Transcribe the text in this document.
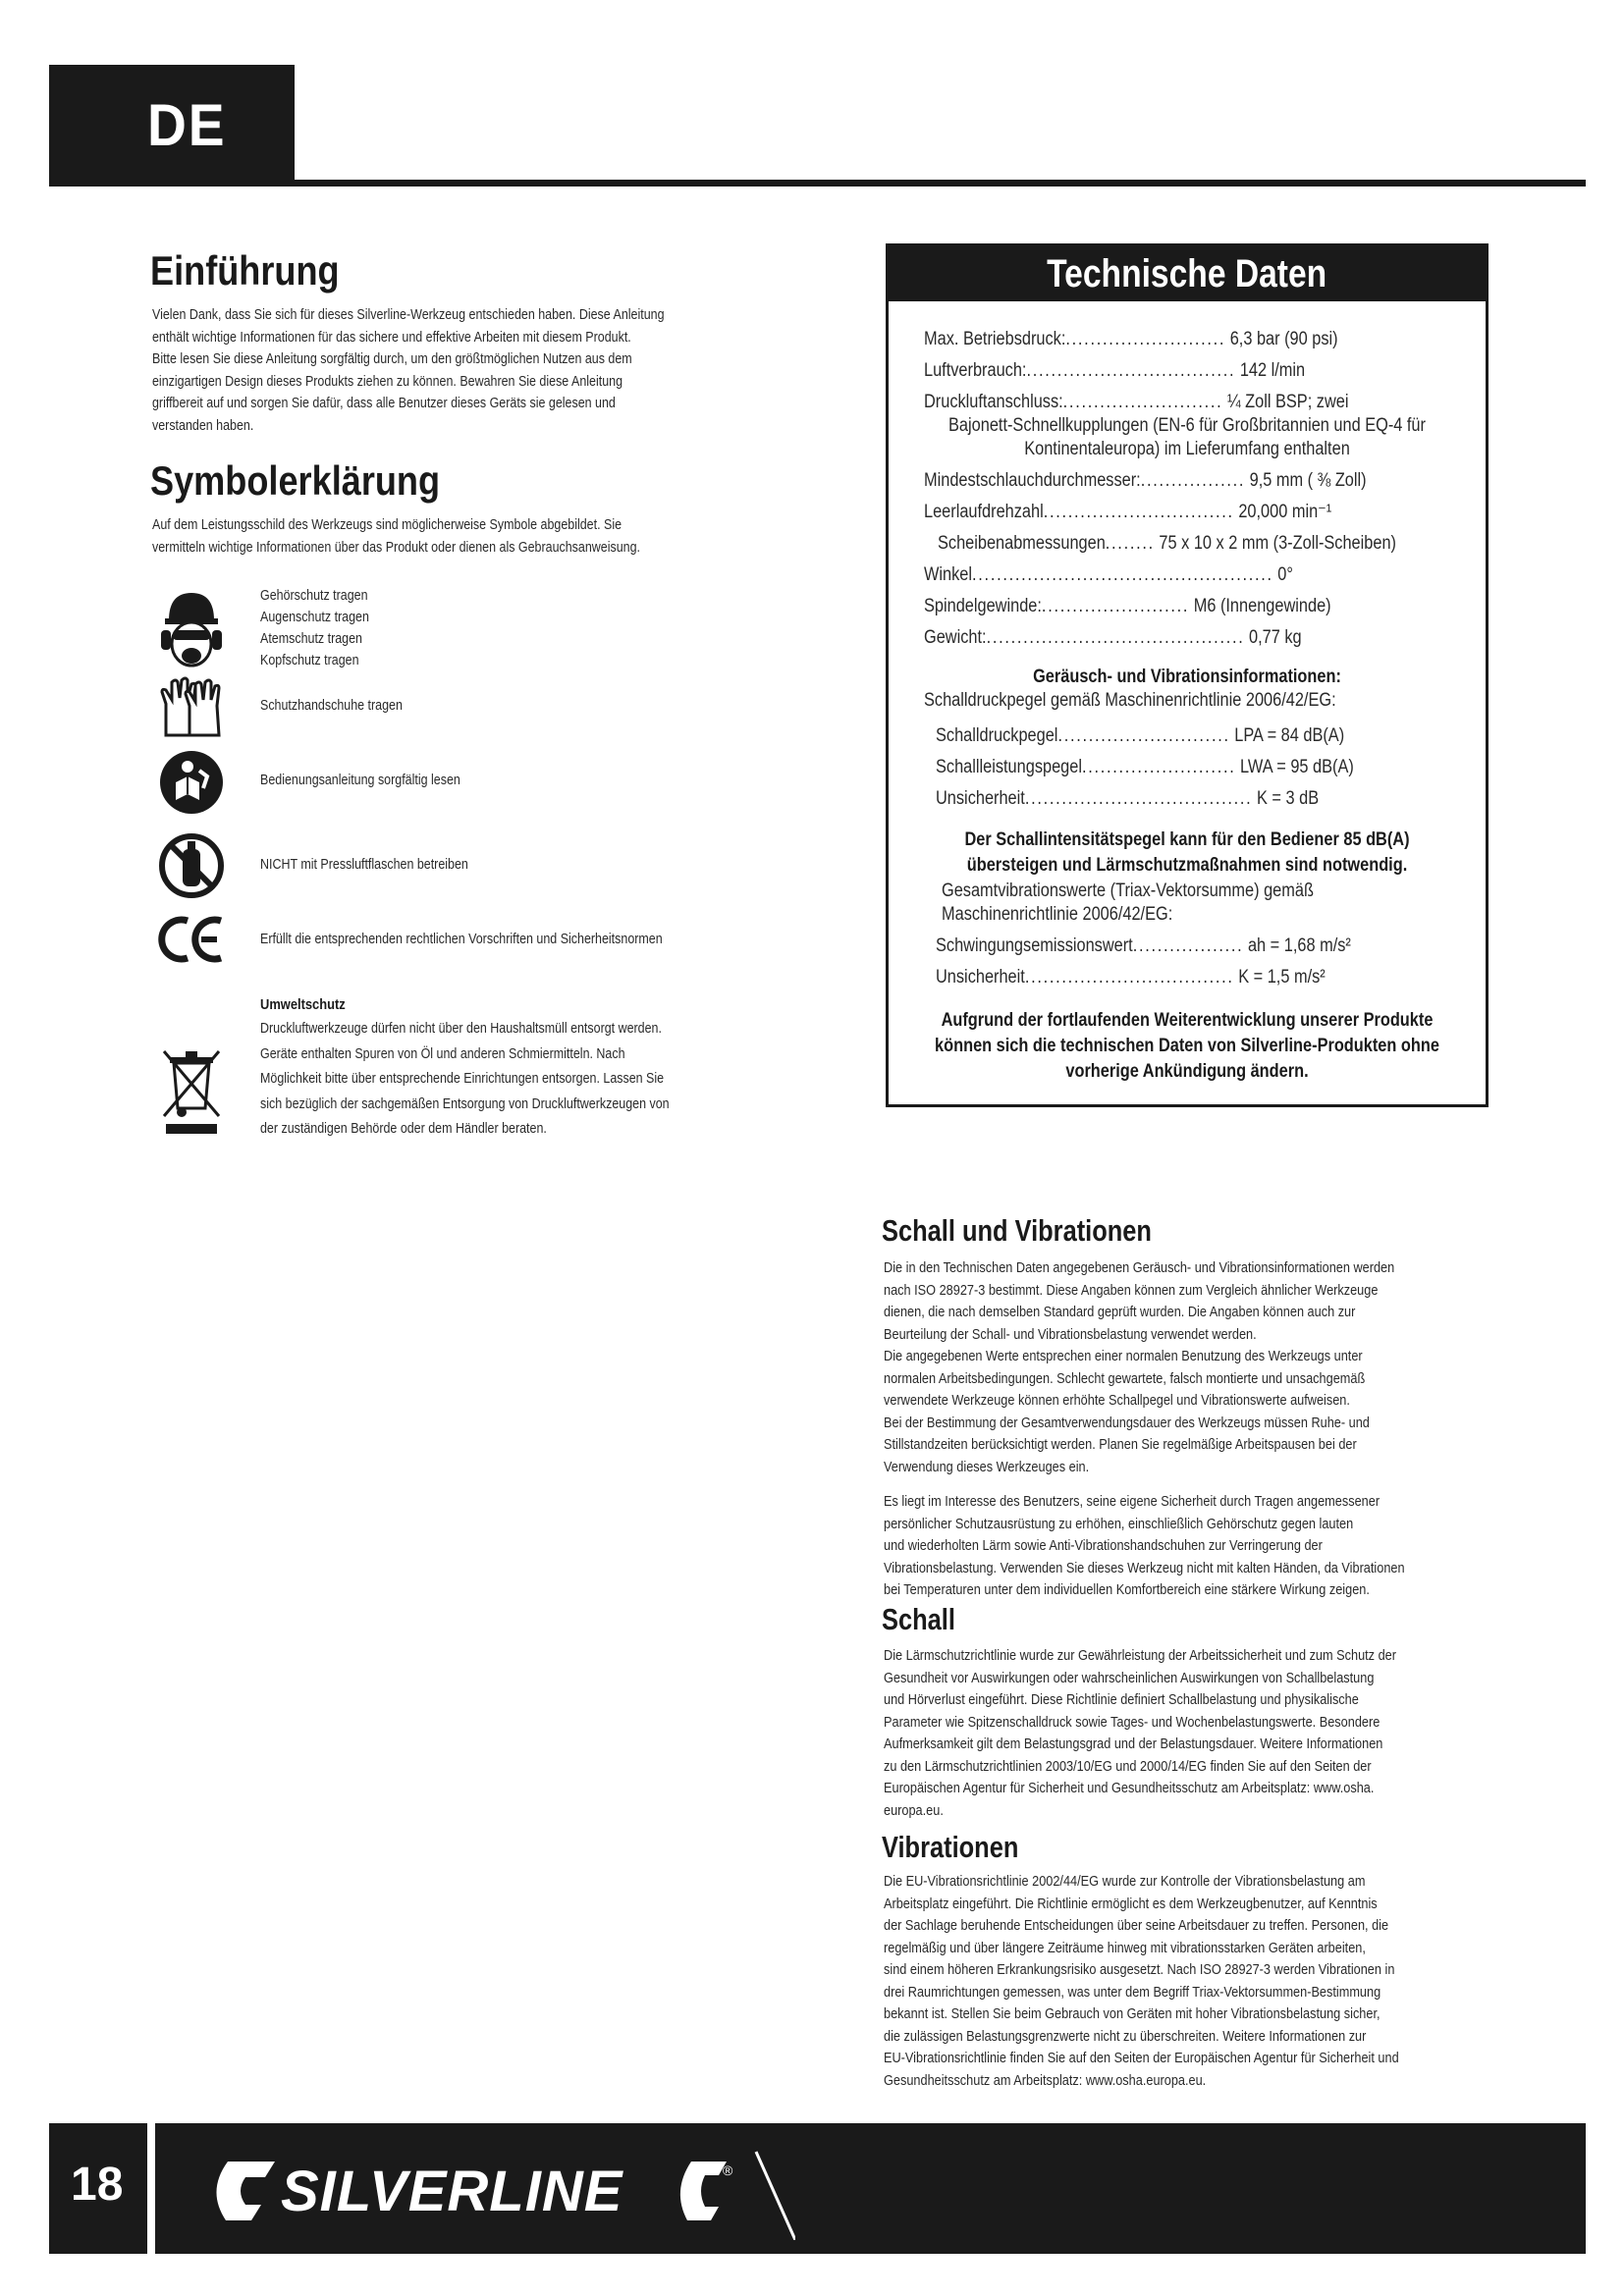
DE
Einführung
Vielen Dank, dass Sie sich für dieses Silverline-Werkzeug entschieden haben. Diese Anleitung
enthält wichtige Informationen für das sichere und effektive Arbeiten mit diesem Produkt.
Bitte lesen Sie diese Anleitung sorgfältig durch, um den größtmöglichen Nutzen aus dem
einzigartigen Design dieses Produkts ziehen zu können. Bewahren Sie diese Anleitung
griffbereit auf und sorgen Sie dafür, dass alle Benutzer dieses Geräts sie gelesen und
verstanden haben.
Symbolerklärung
Auf dem Leistungsschild des Werkzeugs sind möglicherweise Symbole abgebildet. Sie
vermitteln wichtige Informationen über das Produkt oder dienen als Gebrauchsanweisung.
Gehörschutz tragen
Augenschutz tragen
Atemschutz tragen
Kopfschutz tragen
Schutzhandschuhe tragen
Bedienungsanleitung sorgfältig lesen
NICHT mit Pressluftflaschen betreiben
Erfüllt die entsprechenden rechtlichen Vorschriften und Sicherheitsnormen
Umweltschutz
Druckluftwerkzeuge dürfen nicht über den Haushaltsmüll entsorgt werden.
Geräte enthalten Spuren von Öl und anderen Schmiermitteln. Nach
Möglichkeit bitte über entsprechende Einrichtungen entsorgen. Lassen Sie
sich bezüglich der sachgemäßen Entsorgung von Druckluftwerkzeugen von
der zuständigen Behörde oder dem Händler beraten.
Technische Daten
Max. Betriebsdruck:.......................... 6,3 bar (90 psi)
Luftverbrauch:.................................. 142 l/min
Druckluftanschluss:.......................... ¼ Zoll BSP; zwei
Bajonett-Schnellkupplungen (EN-6 für Großbritannien und EQ-4 für
Kontinentaleuropa) im Lieferumfang enthalten
Mindestschlauchdurchmesser:................. 9,5 mm ( ⅜ Zoll)
Leerlaufdrehzahl............................... 20,000 min⁻¹
Scheibenabmessungen........ 75 x 10 x 2 mm (3-Zoll-Scheiben)
Winkel................................................. 0°
Spindelgewinde:........................ M6 (Innengewinde)
Gewicht:.......................................... 0,77 kg
Geräusch- und Vibrationsinformationen:
Schalldruckpegel gemäß Maschinenrichtlinie 2006/42/EG:
Schalldruckpegel............................ LPA = 84 dB(A)
Schallleistungspegel......................... LWA = 95 dB(A)
Unsicherheit..................................... K = 3 dB
Der Schallintensitätspegel kann für den Bediener 85 dB(A)
übersteigen und Lärmschutzmaßnahmen sind notwendig.
Gesamtvibrationswerte (Triax-Vektorsumme) gemäß
Maschinenrichtlinie 2006/42/EG:
Schwingungsemissionswert.................. ah = 1,68 m/s²
Unsicherheit.................................. K = 1,5 m/s²
Aufgrund der fortlaufenden Weiterentwicklung unserer Produkte
können sich die technischen Daten von Silverline-Produkten ohne
vorherige Ankündigung ändern.
Schall und Vibrationen
Die in den Technischen Daten angegebenen Geräusch- und Vibrationsinformationen werden
nach ISO 28927-3 bestimmt. Diese Angaben können zum Vergleich ähnlicher Werkzeuge
dienen, die nach demselben Standard geprüft wurden. Die Angaben können auch zur
Beurteilung der Schall- und Vibrationsbelastung verwendet werden.
Die angegebenen Werte entsprechen einer normalen Benutzung des Werkzeugs unter
normalen Arbeitsbedingungen. Schlecht gewartete, falsch montierte und unsachgemäß
verwendete Werkzeuge können erhöhte Schallpegel und Vibrationswerte aufweisen.
Bei der Bestimmung der Gesamtverwendungsdauer des Werkzeugs müssen Ruhe- und
Stillstandzeiten berücksichtigt werden. Planen Sie regelmäßige Arbeitspausen bei der
Verwendung dieses Werkzeuges ein.
Es liegt im Interesse des Benutzers, seine eigene Sicherheit durch Tragen angemessener
persönlicher Schutzausrüstung zu erhöhen, einschließlich Gehörschutz gegen lauten
und wiederholten Lärm sowie Anti-Vibrationshandschuhen zur Verringerung der
Vibrationsbelastung. Verwenden Sie dieses Werkzeug nicht mit kalten Händen, da Vibrationen
bei Temperaturen unter dem individuellen Komfortbereich eine stärkere Wirkung zeigen.
Schall
Die Lärmschutzrichtlinie wurde zur Gewährleistung der Arbeitssicherheit und zum Schutz der
Gesundheit vor Auswirkungen oder wahrscheinlichen Auswirkungen von Schallbelastung
und Hörverlust eingeführt. Diese Richtlinie definiert Schallbelastung und physikalische
Parameter wie Spitzenschalldruck sowie Tages- und Wochenbelastungswerte. Besondere
Aufmerksamkeit gilt dem Belastungsgrad und der Belastungsdauer. Weitere Informationen
zu den Lärmschutzrichtlinien 2003/10/EG und 2000/14/EG finden Sie auf den Seiten der
Europäischen Agentur für Sicherheit und Gesundheitsschutz am Arbeitsplatz: www.osha.
europa.eu.
Vibrationen
Die EU-Vibrationsrichtlinie 2002/44/EG wurde zur Kontrolle der Vibrationsbelastung am
Arbeitsplatz eingeführt. Die Richtlinie ermöglicht es dem Werkzeugbenutzer, auf Kenntnis
der Sachlage beruhende Entscheidungen über seine Arbeitsdauer zu treffen. Personen, die
regelmäßig und über längere Zeiträume hinweg mit vibrationsstarken Geräten arbeiten,
sind einem höheren Erkrankungsrisiko ausgesetzt. Nach ISO 28927-3 werden Vibrationen in
drei Raumrichtungen gemessen, was unter dem Begriff Triax-Vektorsummen-Bestimmung
bekannt ist. Stellen Sie beim Gebrauch von Geräten mit hoher Vibrationsbelastung sicher,
die zulässigen Belastungsgrenzwerte nicht zu überschreiten. Weitere Informationen zur
EU-Vibrationsrichtlinie finden Sie auf den Seiten der Europäischen Agentur für Sicherheit und
Gesundheitsschutz am Arbeitsplatz: www.osha.europa.eu.
18	SILVERLINE	®
